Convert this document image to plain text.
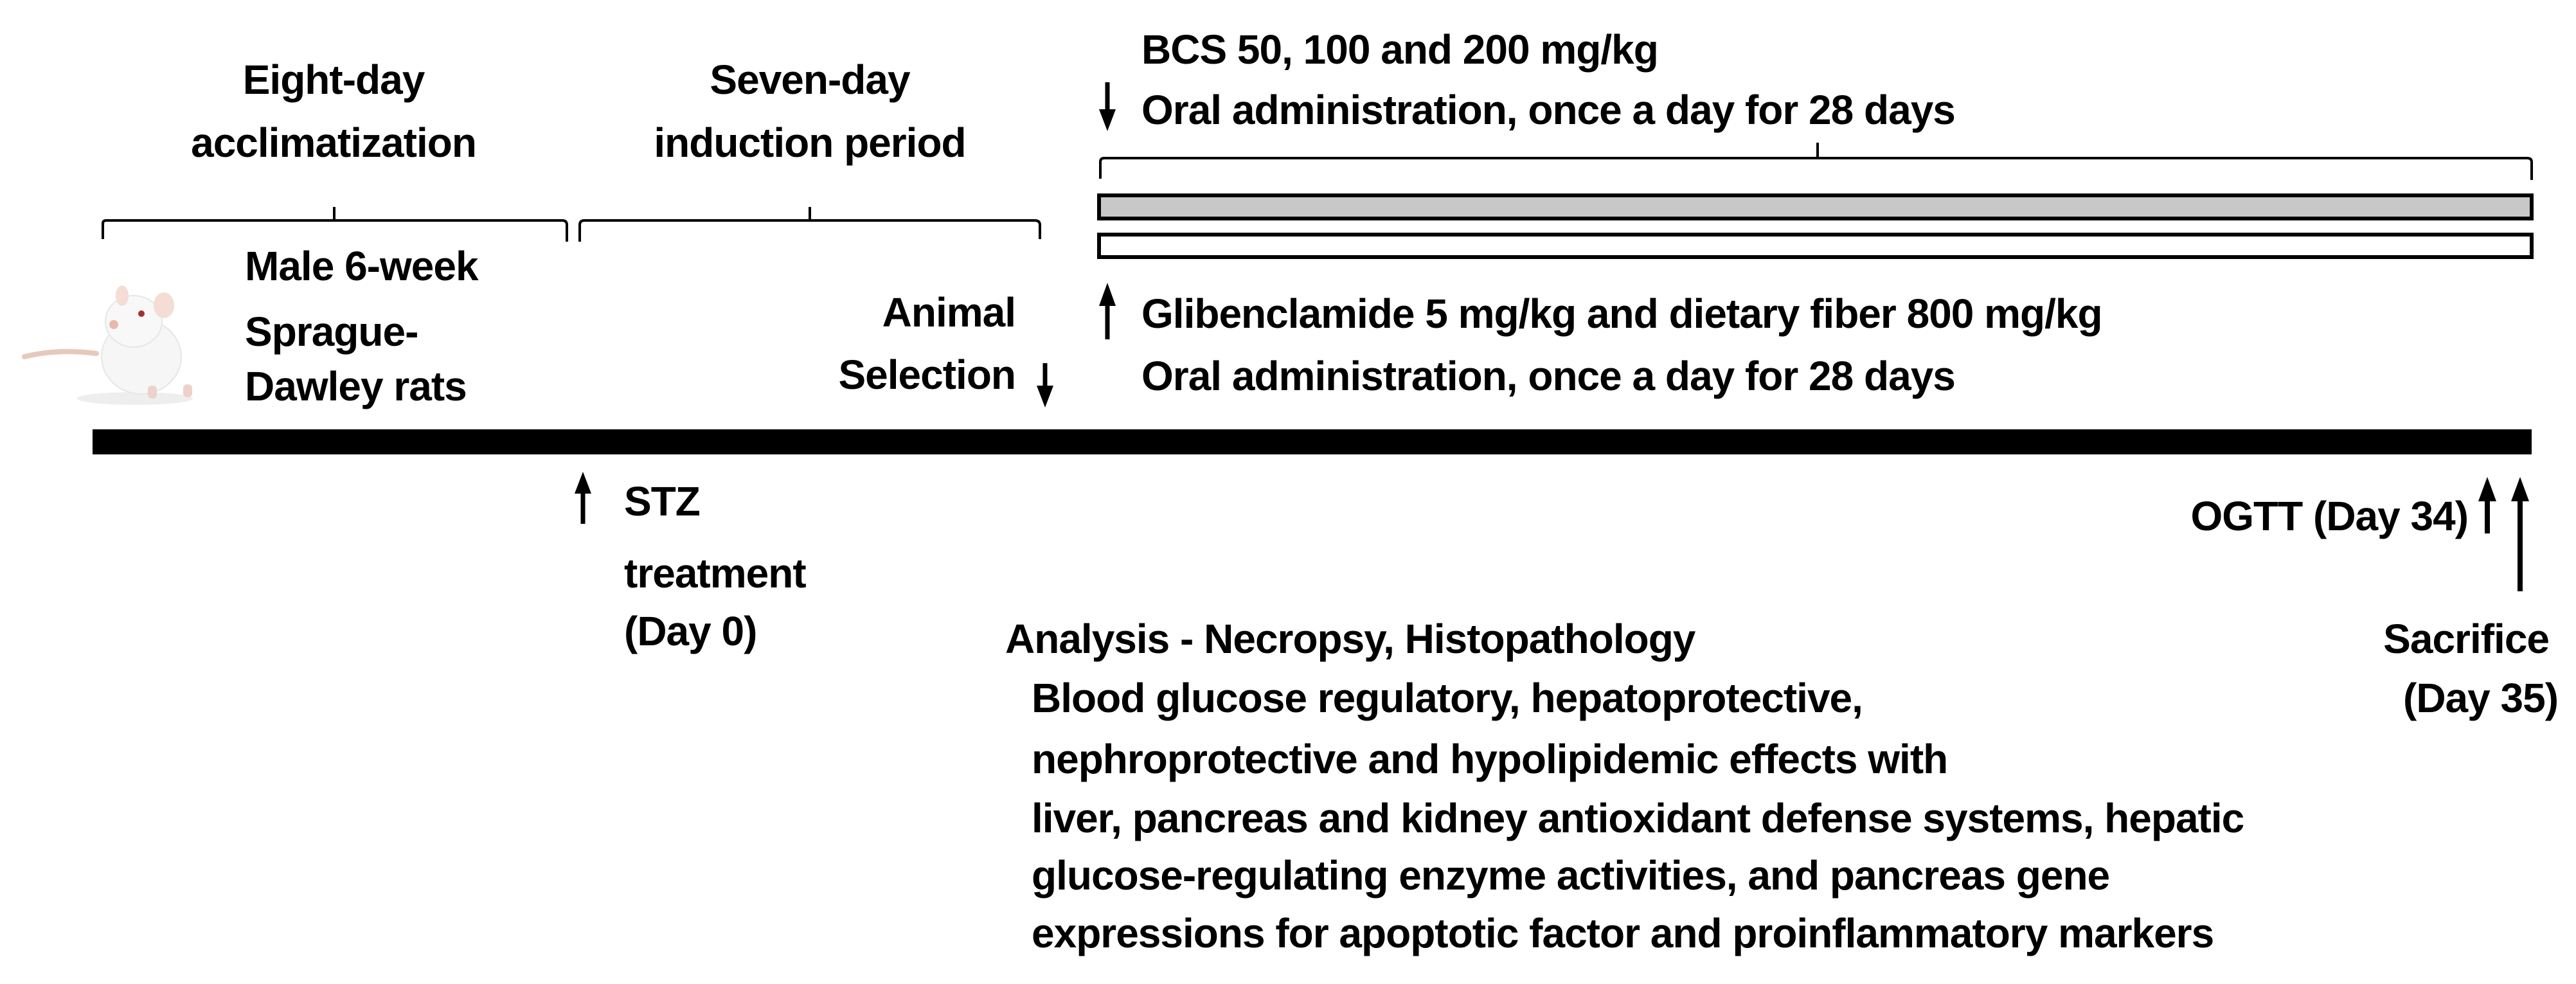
Eight-day
acclimatization
Seven-day
induction period
Male 6-week
Sprague-
Dawley rats
Animal
Selection
BCS 50, 100 and 200 mg/kg
Oral administration, once a day for 28 days
Glibenclamide 5 mg/kg and dietary fiber 800 mg/kg
Oral administration, once a day for 28 days
STZ
treatment
(Day 0)
OGTT (Day 34)
Sacrifice
(Day 35)
Analysis - Necropsy, Histopathology
Blood glucose regulatory, hepatoprotective,
nephroprotective and hypolipidemic effects with
liver, pancreas and kidney antioxidant defense systems, hepatic
glucose-regulating enzyme activities, and pancreas gene
expressions for apoptotic factor and proinflammatory markers
